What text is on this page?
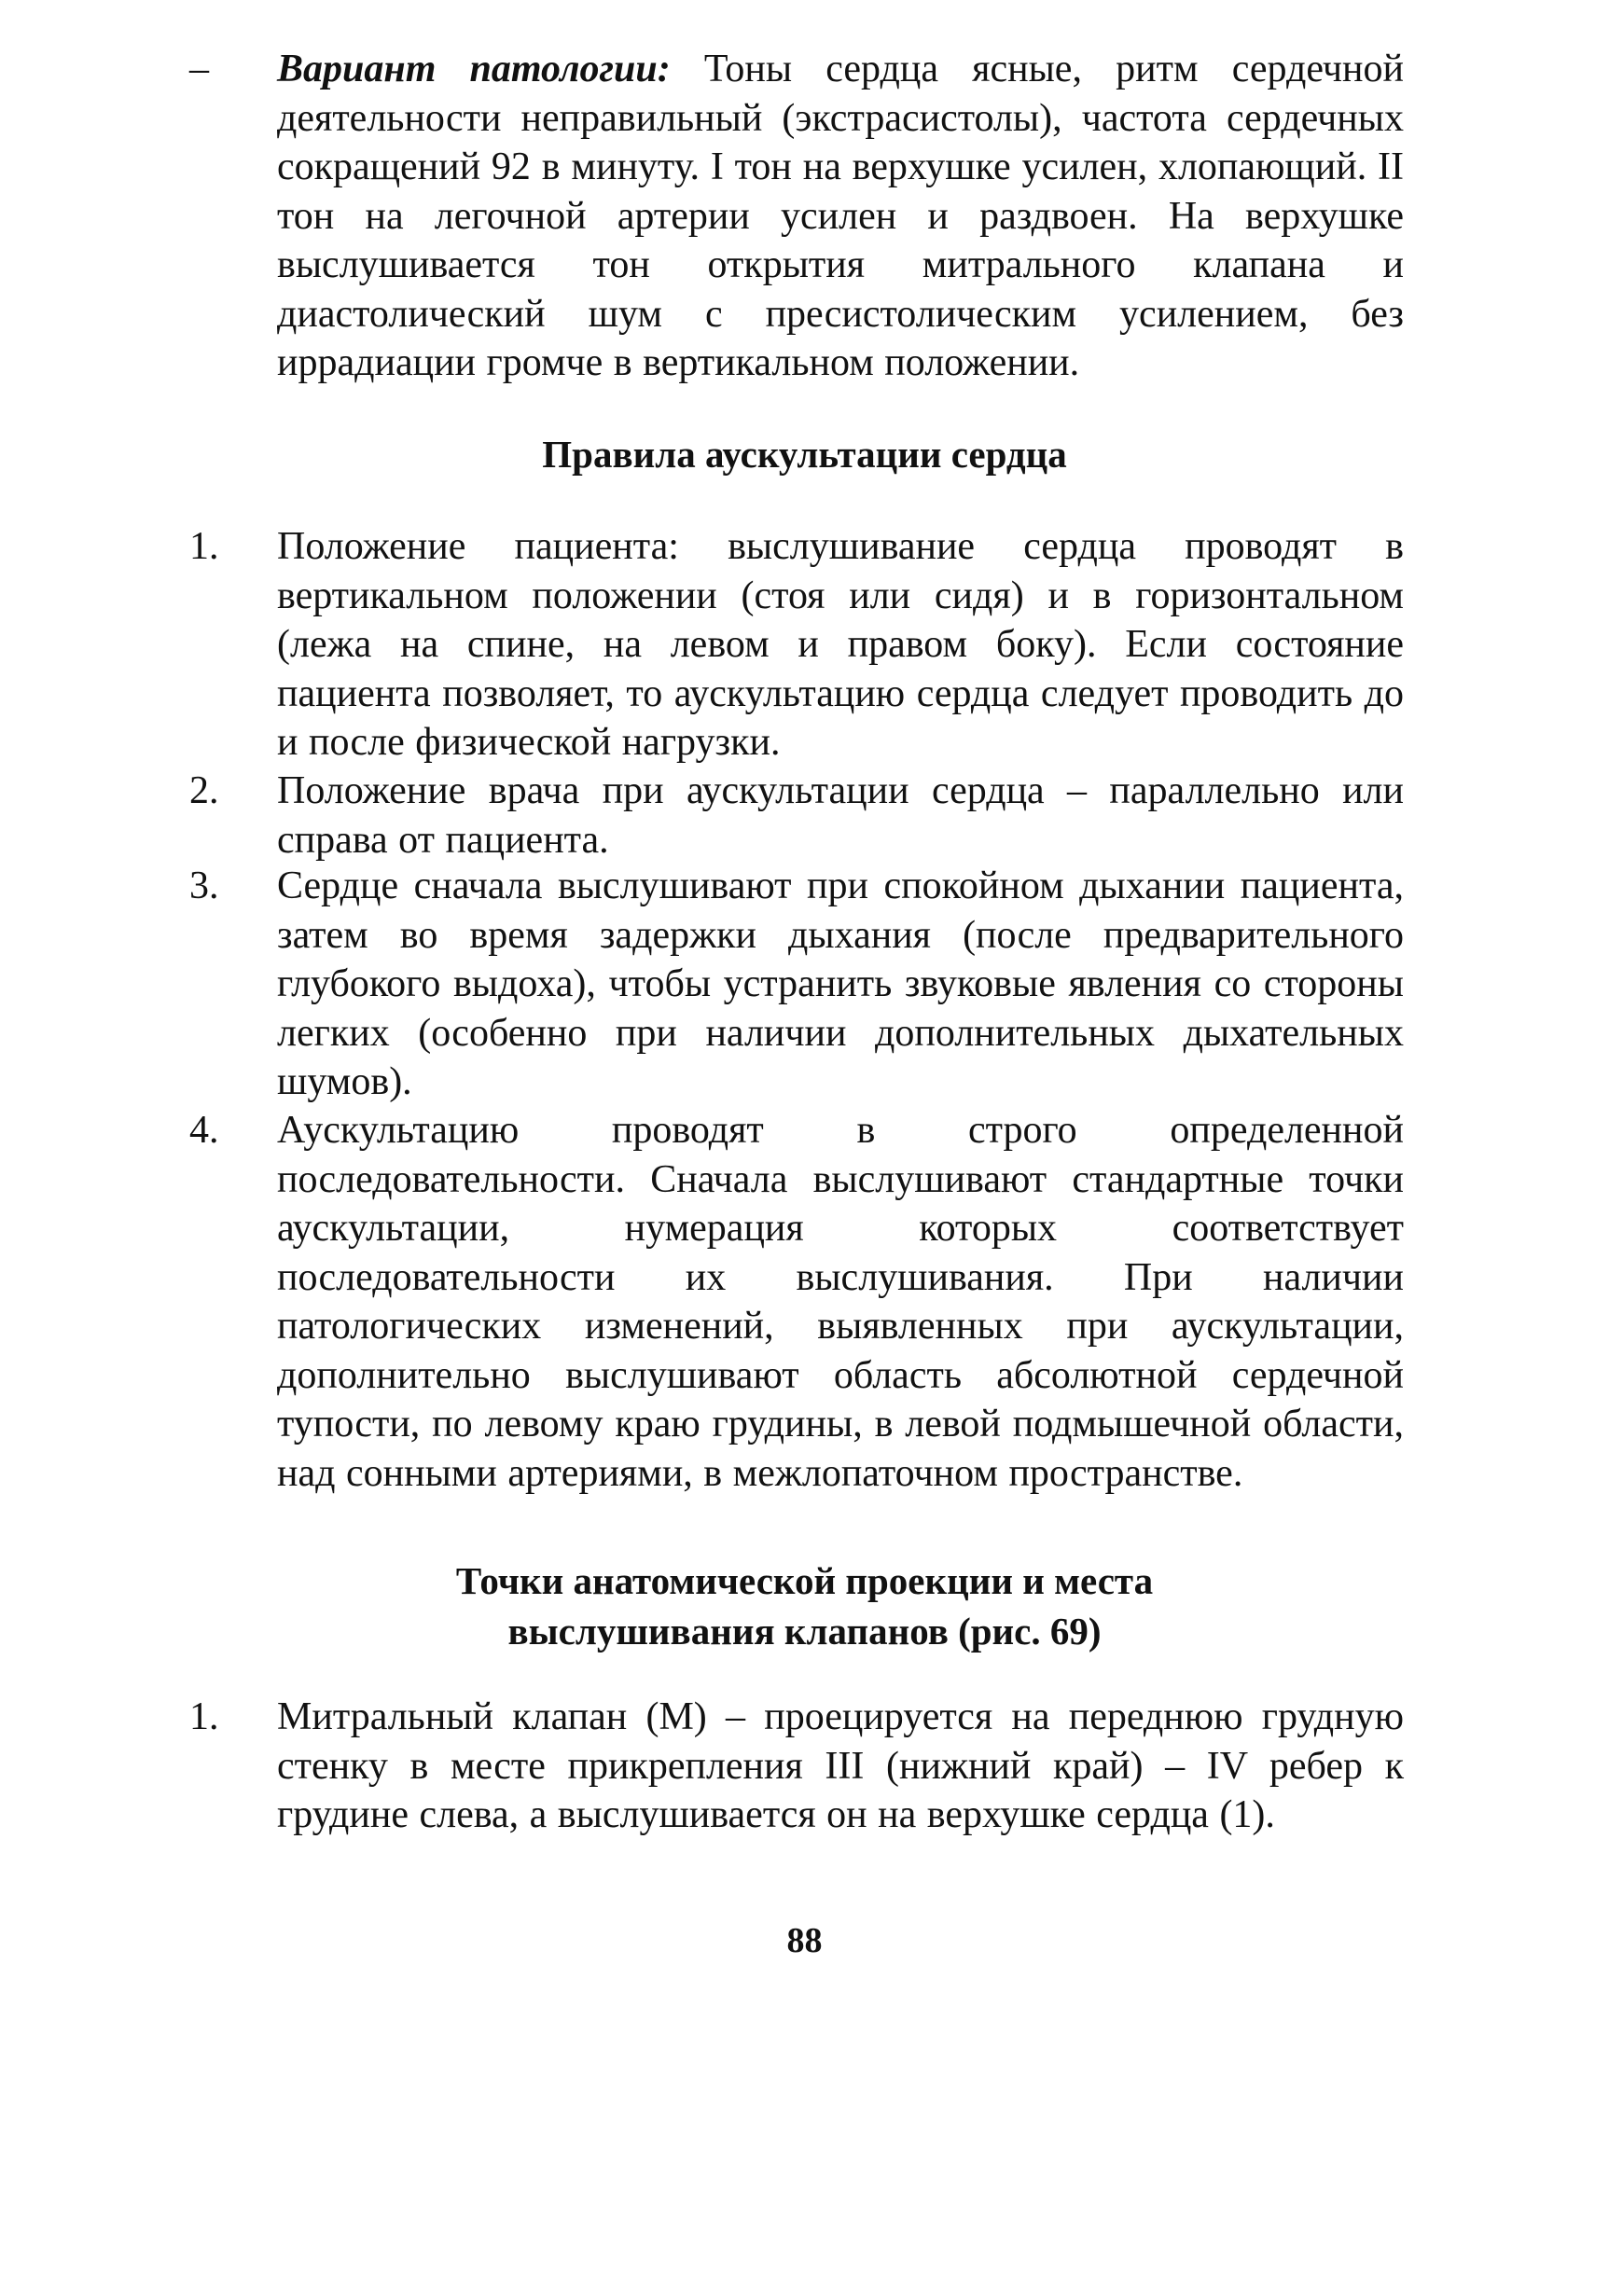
–	Вариант патологии: Тоны сердца ясные, ритм сердечной деятельности неправильный (экстрасистолы), частота сердечных сокращений 92 в минуту. I тон на верхушке усилен, хлопающий. II тон на легочной артерии усилен и раздвоен. На верхушке выслушивается тон открытия митрального клапана и диастолический шум с пресистолическим усилением, без иррадиации громче в вертикальном положении.
Правила аускультации сердца
1.	Положение пациента: выслушивание сердца проводят в вертикальном положении (стоя или сидя) и в горизонтальном (лежа на спине, на левом и правом боку). Если состояние пациента позволяет, то аускультацию сердца следует проводить до и после физической нагрузки.
2.	Положение врача при аускультации сердца – параллельно или справа от пациента.
3.	Сердце сначала выслушивают при спокойном дыхании пациента, затем во время задержки дыхания (после предварительного глубокого выдоха), чтобы устранить звуковые явления со стороны легких (особенно при наличии дополнительных дыхательных шумов).
4.	Аускультацию проводят в строго определенной последовательности. Сначала выслушивают стандартные точки аускультации, нумерация которых соответствует последовательности их выслушивания. При наличии патологических изменений, выявленных при аускультации, дополнительно выслушивают область абсолютной сердечной тупости, по левому краю грудины, в левой подмышечной области, над сонными артериями, в межлопаточном пространстве.
Точки анатомической проекции и места
выслушивания клапанов (рис. 69)
1.	Митральный клапан (М) – проецируется на переднюю грудную стенку в месте прикрепления III (нижний край) – IV ребер к грудине слева, а выслушивается он на верхушке сердца (1).
88
